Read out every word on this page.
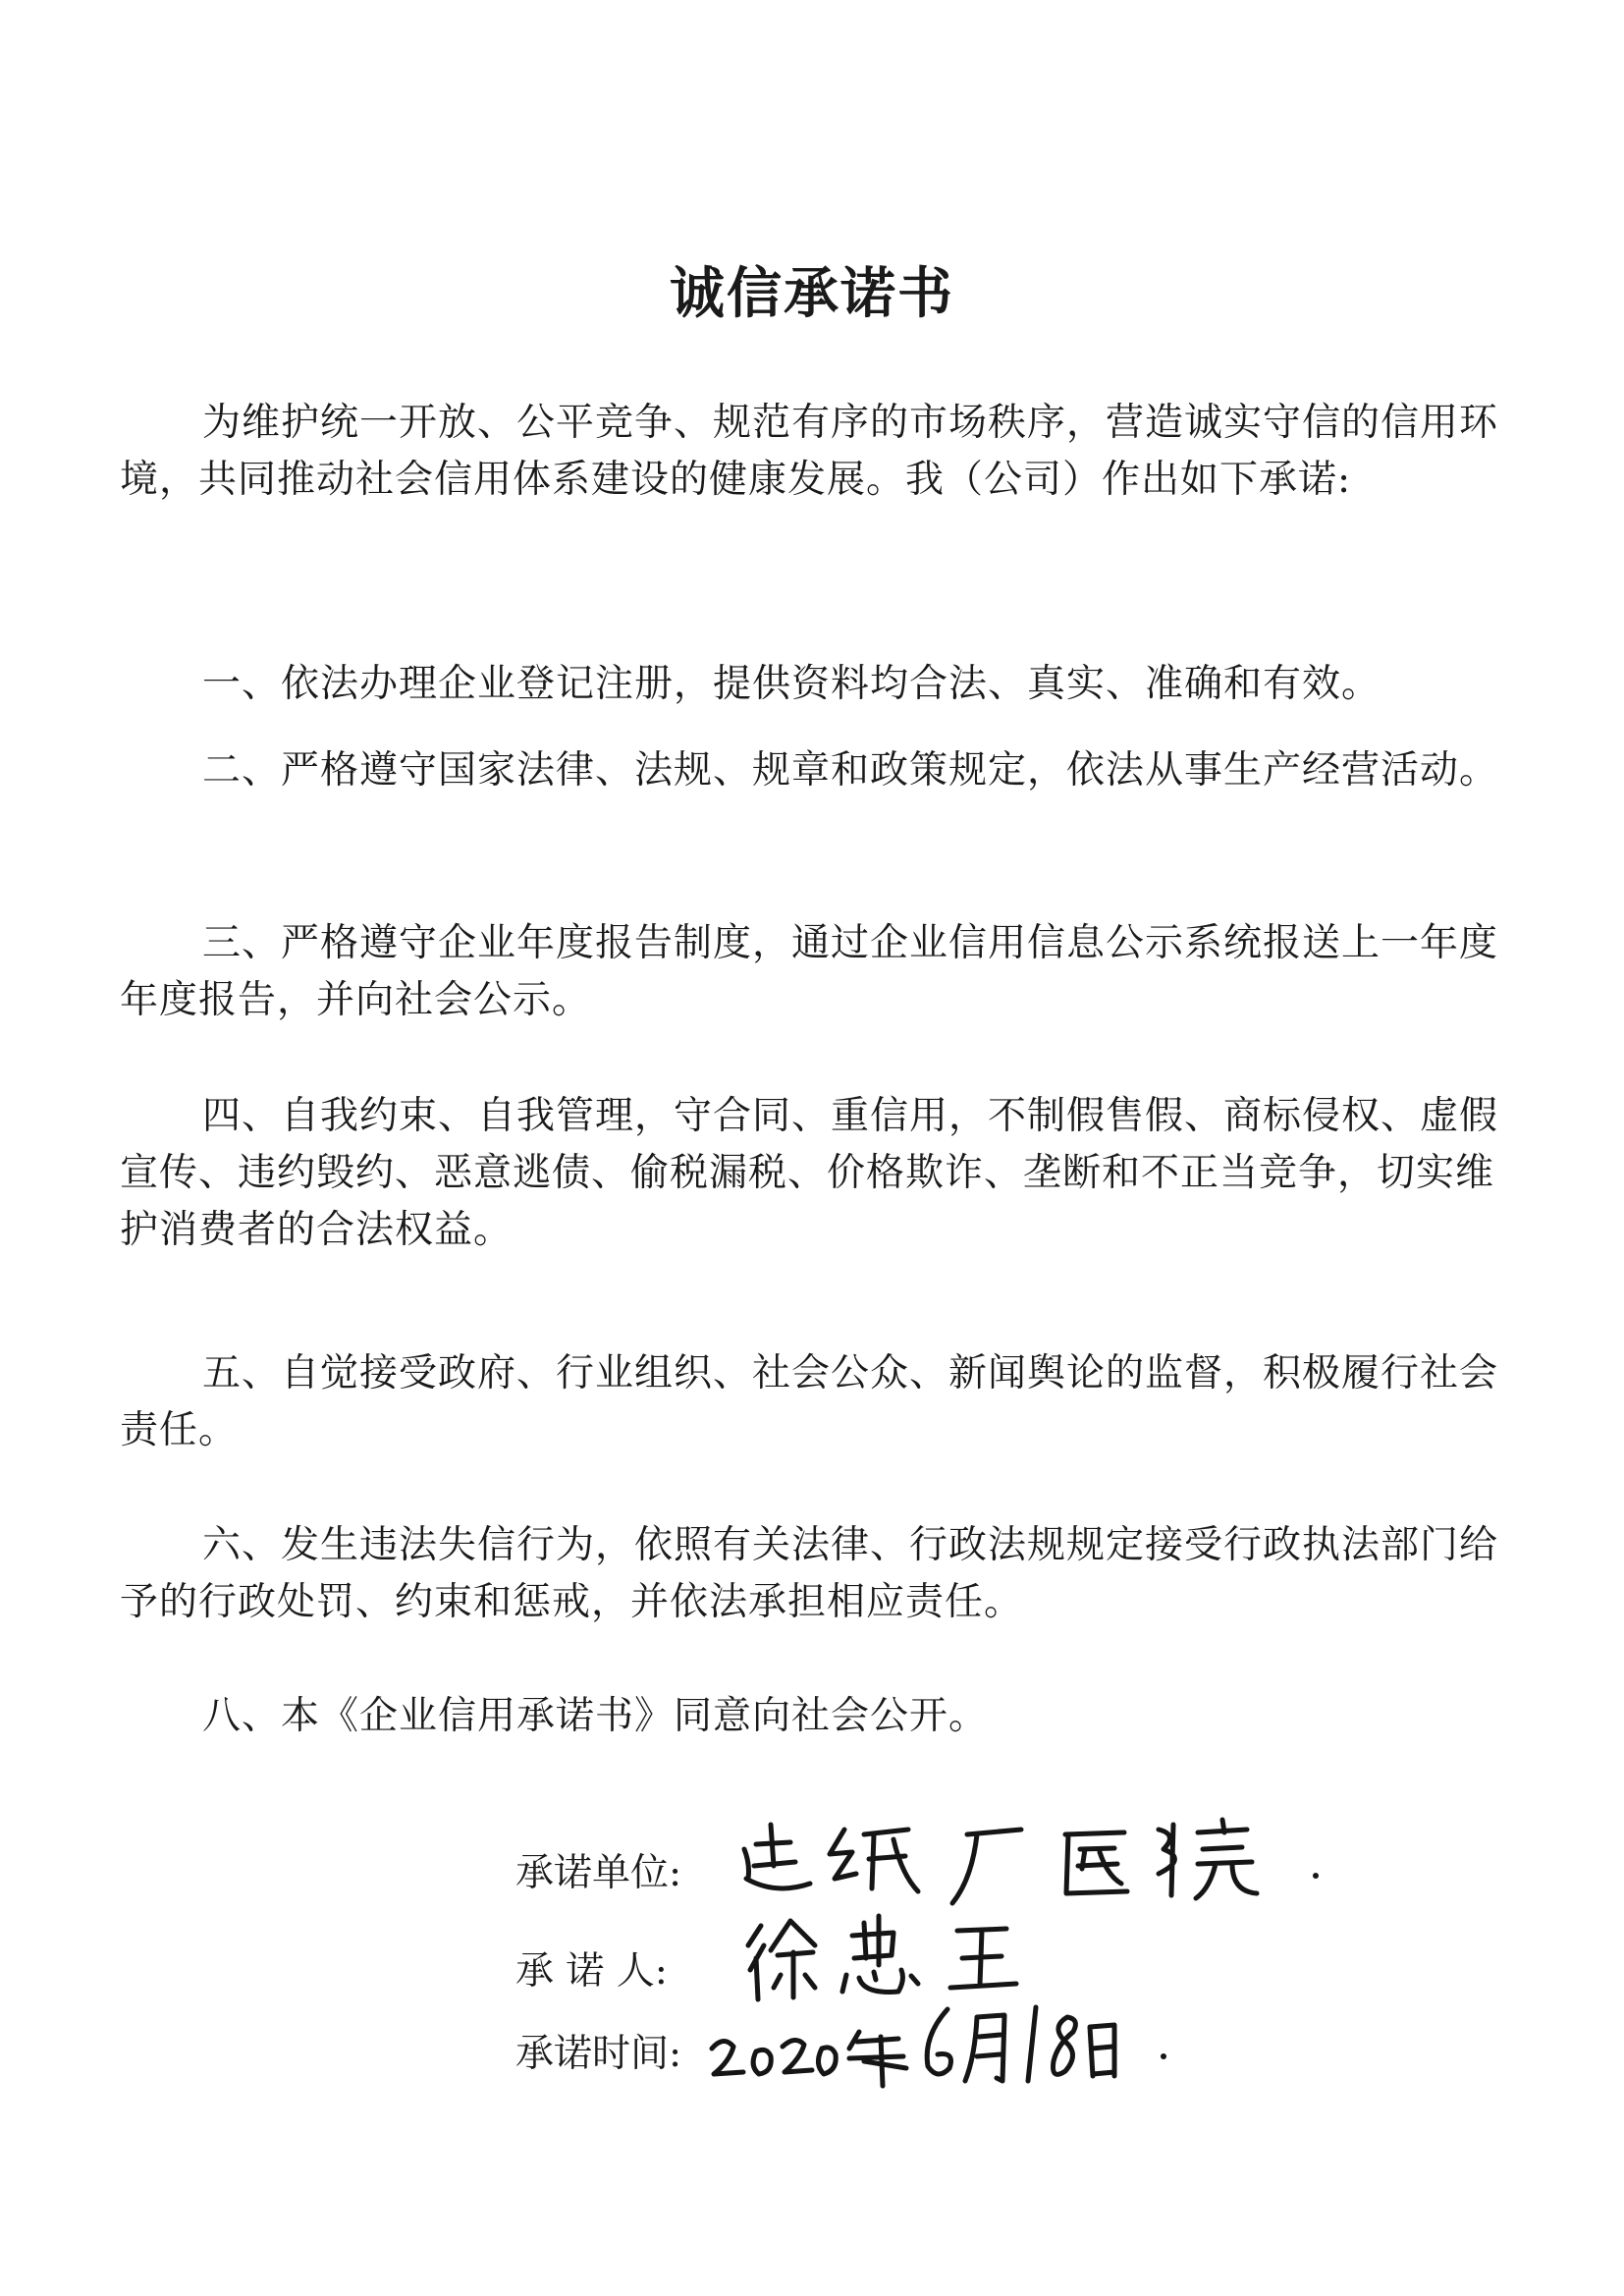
诚信承诺书

为维护统一开放、公平竞争、规范有序的市场秩序，营造诚实守信的信用环境，共同推动社会信用体系建设的健康发展。我（公司）作出如下承诺:

一、依法办理企业登记注册，提供资料均合法、真实、准确和有效。

二、严格遵守国家法律、法规、规章和政策规定，依法从事生产经营活动。

三、严格遵守企业年度报告制度，通过企业信用信息公示系统报送上一年度年度报告，并向社会公示。

四、自我约束、自我管理，守合同、重信用，不制假售假、商标侵权、虚假宣传、违约毁约、恶意逃债、偷税漏税、价格欺诈、垄断和不正当竞争，切实维护消费者的合法权益。

五、自觉接受政府、行业组织、社会公众、新闻舆论的监督，积极履行社会责任。

六、发生违法失信行为，依照有关法律、行政法规规定接受行政执法部门给予的行政处罚、约束和惩戒，并依法承担相应责任。

八、本《企业信用承诺书》同意向社会公开。

承诺单位:
承 诺 人:
承诺时间:
